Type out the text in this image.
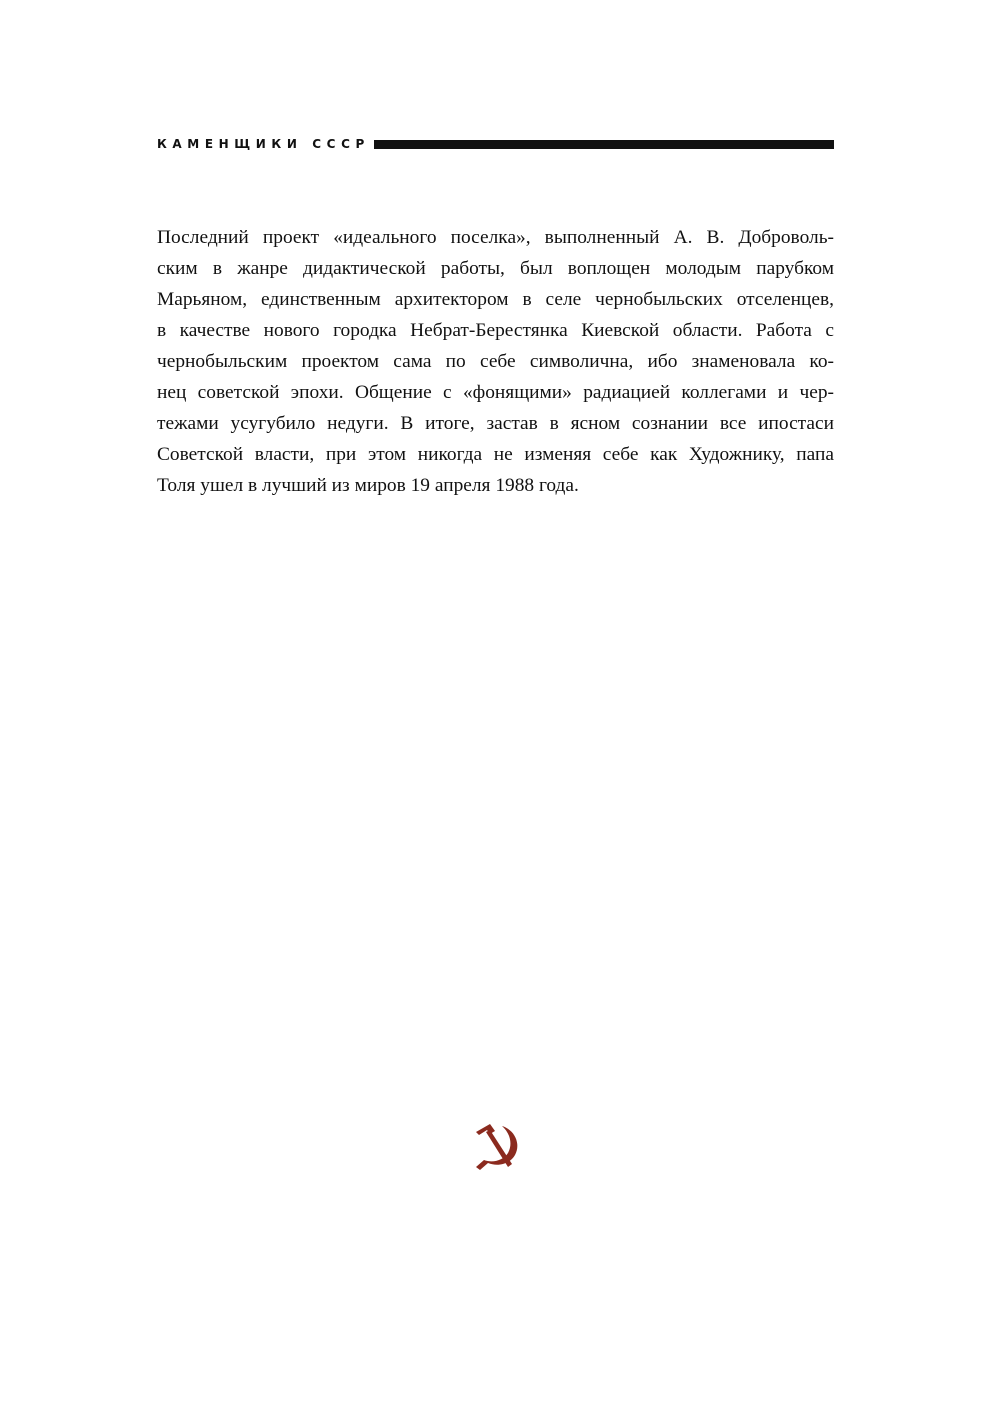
КАМЕНЩИКИ СССР

Последний проект «идеального поселка», выполненный А. В. Доброволь-
ским в жанре дидактической работы, был воплощен молодым парубком
Марьяном, единственным архитектором в селе чернобыльских отселенцев,
в качестве нового городка Небрат-Берестянка Киевской области. Работа с
чернобыльским проектом сама по себе символична, ибо знаменовала ко-
нец советской эпохи. Общение с «фонящими» радиацией коллегами и чер-
тежами усугубило недуги. В итоге, застав в ясном сознании все ипостаси
Советской власти, при этом никогда не изменяя себе как Художнику, папа
Толя ушел в лучший из миров 19 апреля 1988 года.
